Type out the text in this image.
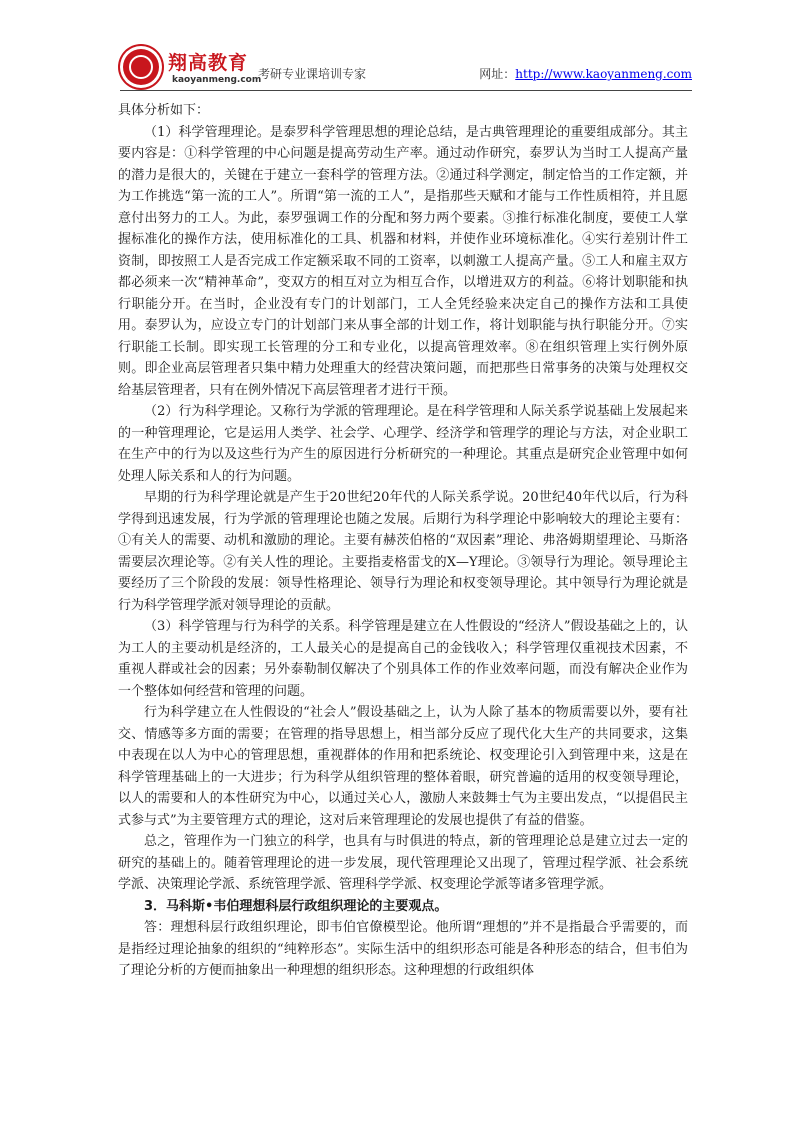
翔高教育
kaoyanmeng.com
考研专业课培训专家	网址：http://www.kaoyanmeng.com

具体分析如下：

（1）科学管理理论。是泰罗科学管理思想的理论总结，是古典管理理论的重要组成部分。其主要内容是：①科学管理的中心问题是提高劳动生产率。通过动作研究，泰罗认为当时工人提高产量的潜力是很大的，关键在于建立一套科学的管理方法。②通过科学测定，制定恰当的工作定额，并为工作挑选“第一流的工人”。所谓“第一流的工人”，是指那些天赋和才能与工作性质相符，并且愿意付出努力的工人。为此，泰罗强调工作的分配和努力两个要素。③推行标准化制度，要使工人掌握标准化的操作方法，使用标准化的工具、机器和材料，并使作业环境标准化。④实行差别计件工资制，即按照工人是否完成工作定额采取不同的工资率，以刺激工人提高产量。⑤工人和雇主双方都必须来一次“精神革命”，变双方的相互对立为相互合作，以增进双方的利益。⑥将计划职能和执行职能分开。在当时，企业没有专门的计划部门，工人全凭经验来决定自己的操作方法和工具使用。泰罗认为，应设立专门的计划部门来从事全部的计划工作，将计划职能与执行职能分开。⑦实行职能工长制。即实现工长管理的分工和专业化，以提高管理效率。⑧在组织管理上实行例外原则。即企业高层管理者只集中精力处理重大的经营决策问题，而把那些日常事务的决策与处理权交给基层管理者，只有在例外情况下高层管理者才进行干预。

（2）行为科学理论。又称行为学派的管理理论。是在科学管理和人际关系学说基础上发展起来的一种管理理论，它是运用人类学、社会学、心理学、经济学和管理学的理论与方法，对企业职工在生产中的行为以及这些行为产生的原因进行分析研究的一种理论。其重点是研究企业管理中如何处理人际关系和人的行为问题。

早期的行为科学理论就是产生于20世纪20年代的人际关系学说。20世纪40年代以后，行为科学得到迅速发展，行为学派的管理理论也随之发展。后期行为科学理论中影响较大的理论主要有：①有关人的需要、动机和激励的理论。主要有赫茨伯格的“双因素”理论、弗洛姆期望理论、马斯洛需要层次理论等。②有关人性的理论。主要指麦格雷戈的X—Y理论。③领导行为理论。领导理论主要经历了三个阶段的发展：领导性格理论、领导行为理论和权变领导理论。其中领导行为理论就是行为科学管理学派对领导理论的贡献。

（3）科学管理与行为科学的关系。科学管理是建立在人性假设的“经济人”假设基础之上的，认为工人的主要动机是经济的，工人最关心的是提高自己的金钱收入；科学管理仅重视技术因素，不重视人群或社会的因素；另外泰勒制仅解决了个别具体工作的作业效率问题，而没有解决企业作为一个整体如何经营和管理的问题。

行为科学建立在人性假设的“社会人”假设基础之上，认为人除了基本的物质需要以外，要有社交、情感等多方面的需要；在管理的指导思想上，相当部分反应了现代化大生产的共同要求，这集中表现在以人为中心的管理思想，重视群体的作用和把系统论、权变理论引入到管理中来，这是在科学管理基础上的一大进步；行为科学从组织管理的整体着眼，研究普遍的适用的权变领导理论，以人的需要和人的本性研究为中心，以通过关心人，激励人来鼓舞士气为主要出发点，“以提倡民主式参与式”为主要管理方式的理论，这对后来管理理论的发展也提供了有益的借鉴。

总之，管理作为一门独立的科学，也具有与时俱进的特点，新的管理理论总是建立过去一定的研究的基础上的。随着管理理论的进一步发展，现代管理理论又出现了，管理过程学派、社会系统学派、决策理论学派、系统管理学派、管理科学学派、权变理论学派等诸多管理学派。

3．马科斯•韦伯理想科层行政组织理论的主要观点。

答：理想科层行政组织理论，即韦伯官僚模型论。他所谓“理想的”并不是指最合乎需要的，而是指经过理论抽象的组织的“纯粹形态”。实际生活中的组织形态可能是各种形态的结合，但韦伯为了理论分析的方便而抽象出一种理想的组织形态。这种理想的行政组织体
